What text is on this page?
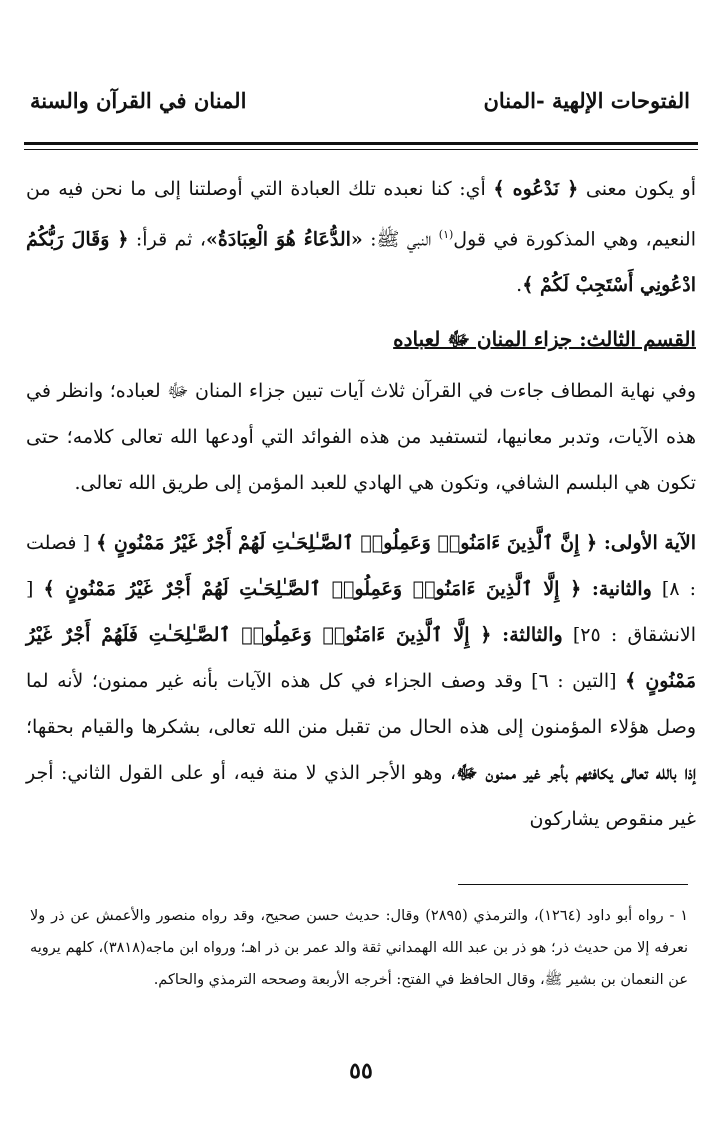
الفتوحات الإلهية -المنان
المنان في القرآن والسنة

أو يكون معنى ﴿ نَدْعُوه ﴾ أي: كنا نعبده تلك العبادة التي أوصلتنا إلى ما نحن فيه من النعيم، وهي المذكورة في قول$^{(١)}$ النبي ﷺ: «الدُّعَاءُ هُوَ الْعِبَادَةُ»، ثم قرأ: ﴿ وَقَالَ رَبُّكُمُ ادْعُونِي أَسْتَجِبْ لَكُمْ ﴾.

القسم الثالث: جزاء المنان ﷻ لعباده

وفي نهاية المطاف جاءت في القرآن ثلاث آيات تبين جزاء المنان ﷻ لعباده؛ وانظر في هذه الآيات، وتدبر معانيها، لتستفيد من هذه الفوائد التي أودعها الله تعالى كلامه؛ حتى تكون هي البلسم الشافي، وتكون هي الهادي للعبد المؤمن إلى طريق الله تعالى.

الآية الأولى: ﴿ إِنَّ ٱلَّذِينَ ءَامَنُوا۟ وَعَمِلُوا۟ ٱلصَّـٰلِحَـٰتِ لَهُمْ أَجْرٌ غَيْرُ مَمْنُونٍ ﴾ [ فصلت : ٨] والثانية: ﴿ إِلَّا ٱلَّذِينَ ءَامَنُوا۟ وَعَمِلُوا۟ ٱلصَّـٰلِحَـٰتِ لَهُمْ أَجْرٌ غَيْرُ مَمْنُونٍ ﴾ [ الانشقاق : ٢٥] والثالثة: ﴿ إِلَّا ٱلَّذِينَ ءَامَنُوا۟ وَعَمِلُوا۟ ٱلصَّـٰلِحَـٰتِ فَلَهُمْ أَجْرٌ غَيْرُ مَمْنُونٍ ﴾ [التين : ٦] وقد وصف الجزاء في كل هذه الآيات بأنه غير ممنون؛ لأنه لما وصل هؤلاء المؤمنون إلى هذه الحال من تقبل منن الله تعالى، بشكرها والقيام بحقها؛ إذا بالله تعالى يكافئهم بأجر غير ممنون ﷻ، وهو الأجر الذي لا منة فيه، أو على القول الثاني: أجر غير منقوص يشاركون

١ - رواه أبو داود (١٢٦٤)، والترمذي (٢٨٩٥) وقال: حديث حسن صحيح، وقد رواه منصور والأعمش عن ذر ولا نعرفه إلا من حديث ذر؛ هو ذر بن عبد الله الهمداني ثقة والد عمر بن ذر اهـ؛ ورواه ابن ماجه(٣٨١٨)، كلهم يرويه عن النعمان بن بشير ﷺ، وقال الحافظ في الفتح: أخرجه الأربعة وصححه الترمذي والحاكم.
٥٥
